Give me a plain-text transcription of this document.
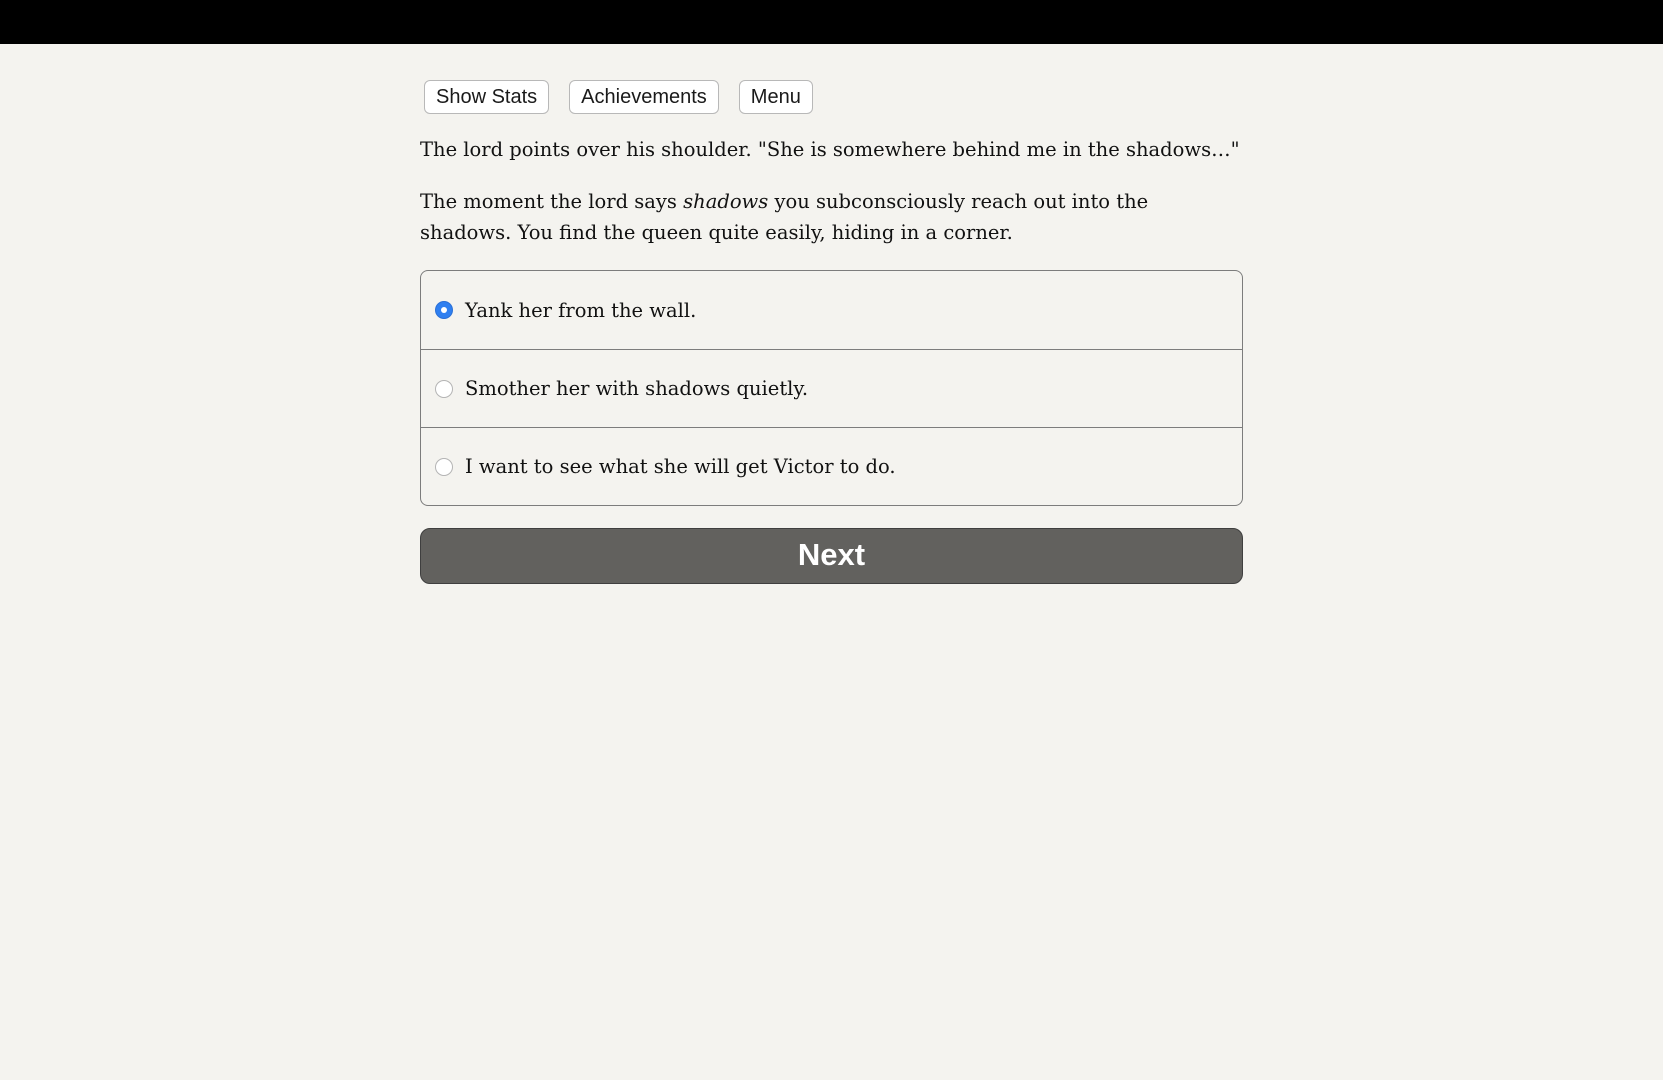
Show Stats	Achievements	Menu

The lord points over his shoulder. "She is somewhere behind me in the shadows…"

The moment the lord says shadows you subconsciously reach out into the shadows. You find the queen quite easily, hiding in a corner.

Yank her from the wall.
Smother her with shadows quietly.
I want to see what she will get Victor to do.
Next
